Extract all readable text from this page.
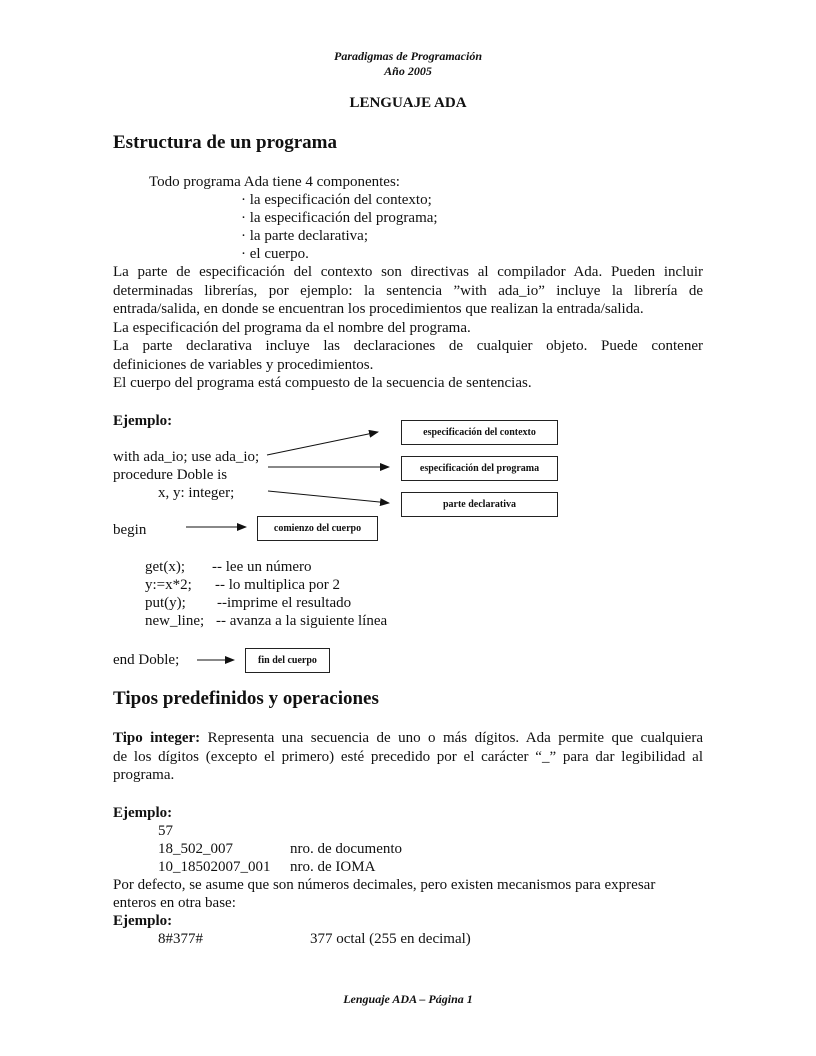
Paradigmas de Programación
Año 2005
LENGUAJE ADA
Estructura de un programa
Todo programa Ada tiene 4 componentes:
· la especificación del contexto;
· la especificación del programa;
· la parte declarativa;
· el cuerpo.
La parte de especificación del contexto son directivas al compilador Ada. Pueden incluir
determinadas librerías, por ejemplo: la sentencia ”with ada_io” incluye la librería de
entrada/salida, en donde se encuentran los procedimientos que realizan la entrada/salida.
La especificación del programa da el nombre del programa.
La parte declarativa incluye las declaraciones de cualquier objeto. Puede contener
definiciones de variables y procedimientos.
El cuerpo del programa está compuesto de la secuencia de sentencias.
Ejemplo:
with ada_io; use ada_io;
procedure Doble is
x, y: integer;
begin
get(x); -- lee un número
y:=x*2; -- lo multiplica por 2
put(y); --imprime el resultado
new_line; -- avanza a la siguiente línea
end Doble;
especificación del contexto
especificación del programa
parte declarativa
comienzo del cuerpo
fin del cuerpo
Tipos predefinidos y operaciones
Tipo integer: Representa una secuencia de uno o más dígitos. Ada permite que cualquiera
de los dígitos (excepto el primero) esté precedido por el carácter “_” para dar legibilidad al
programa.
Ejemplo:
57
18_502_007	nro. de documento
10_18502007_001 nro. de IOMA
Por defecto, se asume que son números decimales, pero existen mecanismos para expresar
enteros en otra base:
Ejemplo:
8#377#	377 octal (255 en decimal)
Lenguaje ADA – Página 1
